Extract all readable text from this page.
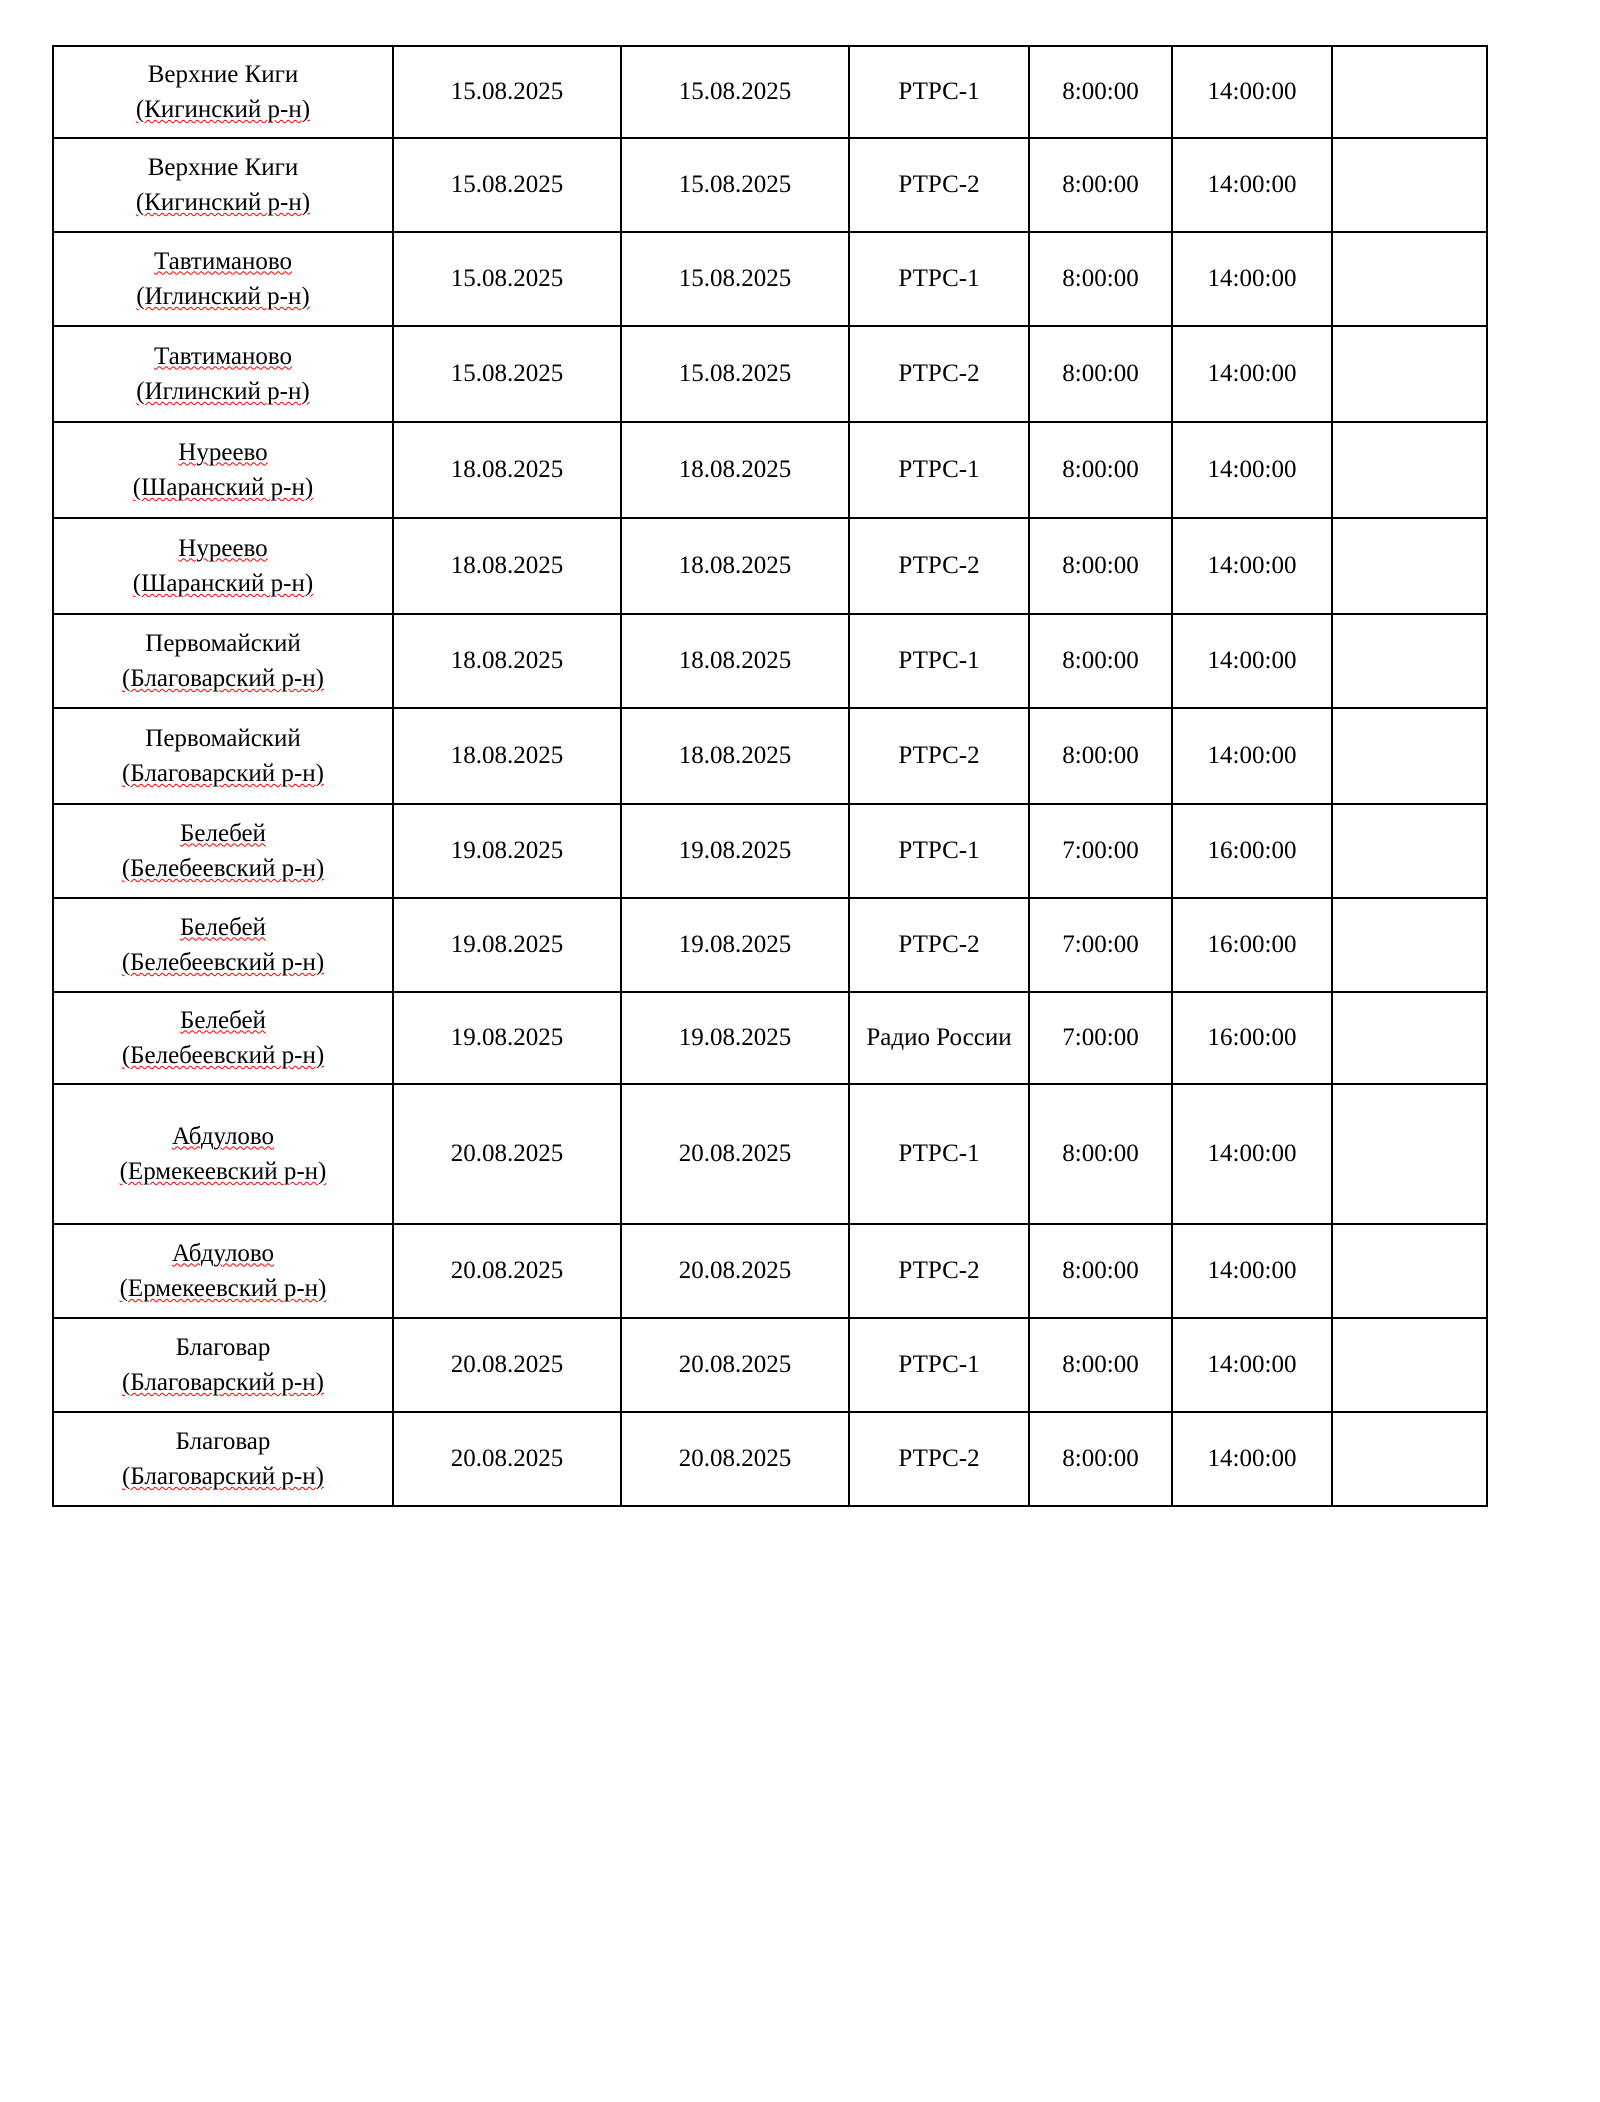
Верхние Киги
(Кигинский р-н)	15.08.2025	15.08.2025	РТРС-1	8:00:00	14:00:00	

Верхние Киги
(Кигинский р-н)	15.08.2025	15.08.2025	РТРС-2	8:00:00	14:00:00	

Тавтиманово
(Иглинский р-н)	15.08.2025	15.08.2025	РТРС-1	8:00:00	14:00:00	

Тавтиманово
(Иглинский р-н)	15.08.2025	15.08.2025	РТРС-2	8:00:00	14:00:00	

Нуреево
(Шаранский р-н)	18.08.2025	18.08.2025	РТРС-1	8:00:00	14:00:00	

Нуреево
(Шаранский р-н)	18.08.2025	18.08.2025	РТРС-2	8:00:00	14:00:00	

Первомайский
(Благоварский р-н)	18.08.2025	18.08.2025	РТРС-1	8:00:00	14:00:00	

Первомайский
(Благоварский р-н)	18.08.2025	18.08.2025	РТРС-2	8:00:00	14:00:00	

Белебей
(Белебеевский р-н)	19.08.2025	19.08.2025	РТРС-1	7:00:00	16:00:00	

Белебей
(Белебеевский р-н)	19.08.2025	19.08.2025	РТРС-2	7:00:00	16:00:00	

Белебей
(Белебеевский р-н)	19.08.2025	19.08.2025	Радио России	7:00:00	16:00:00	

Абдулово
(Ермекеевский р-н)	20.08.2025	20.08.2025	РТРС-1	8:00:00	14:00:00	

Абдулово
(Ермекеевский р-н)	20.08.2025	20.08.2025	РТРС-2	8:00:00	14:00:00	

Благовар
(Благоварский р-н)	20.08.2025	20.08.2025	РТРС-1	8:00:00	14:00:00	

Благовар
(Благоварский р-н)	20.08.2025	20.08.2025	РТРС-2	8:00:00	14:00:00	
